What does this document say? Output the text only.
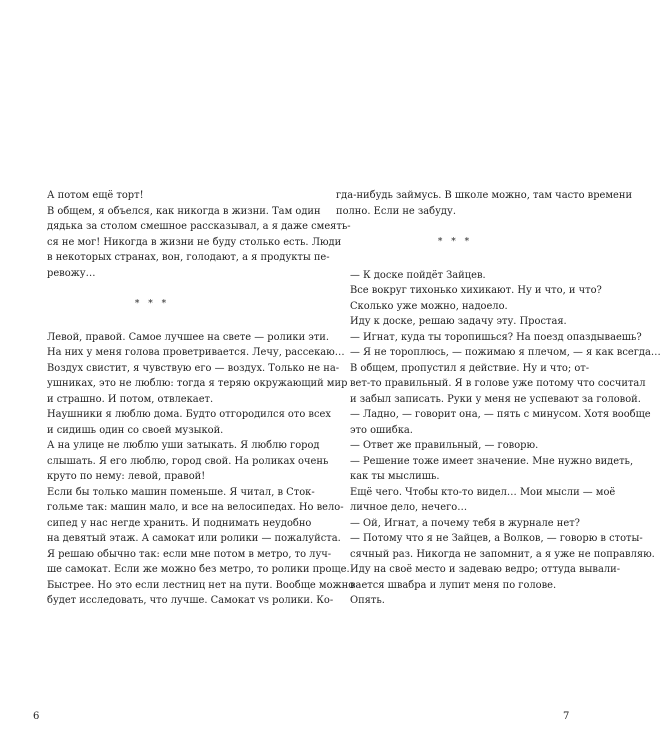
А потом ещё торт!
В общем, я объелся, как никогда в жизни. Там один
дядька за столом смешное рассказывал, а я даже смеять-
ся не мог! Никогда в жизни не буду столько есть. Люди
в некоторых странах, вон, голодают, а я продукты пе-
ревожу…
* * *
Левой, правой. Самое лучшее на свете — ролики эти.
На них у меня голова проветривается. Лечу, рассекаю…
Воздух свистит, я чувствую его — воздух. Только не на-
ушниках, это не люблю: тогда я теряю окружающий мир
и страшно. И потом, отвлекает.
Наушники я люблю дома. Будто отгородился ото всех
и сидишь один со своей музыкой.
А на улице не люблю уши затыкать. Я люблю город
слышать. Я его люблю, город свой. На роликах очень
круто по нему: левой, правой!
Если бы только машин поменьше. Я читал, в Сток-
гольме так: машин мало, и все на велосипедах. Но вело-
сипед у нас негде хранить. И поднимать неудобно
на девятый этаж. А самокат или ролики — пожалуйста.
Я решаю обычно так: если мне потом в метро, то луч-
ше самокат. Если же можно без метро, то ролики проще.
Быстрее. Но это если лестниц нет на пути. Вообще можно
будет исследовать, что лучше. Самокат vs ролики. Ко-
6
гда-нибудь займусь. В школе можно, там часто времени
полно. Если не забуду.
* * *
— К доске пойдёт Зайцев.
Все вокруг тихонько хихикают. Ну и что, и что?
Сколько уже можно, надоело.
Иду к доске, решаю задачу эту. Простая.
— Игнат, куда ты торопишься? На поезд опаздываешь?
— Я не тороплюсь, — пожимаю я плечом, — я как всегда…
В общем, пропустил я действие. Ну и что; от-
вет-то правильный. Я в голове уже потому что сосчитал
и забыл записать. Руки у меня не успевают за головой.
— Ладно, — говорит она, — пять с минусом. Хотя вообще
это ошибка.
— Ответ же правильный, — говорю.
— Решение тоже имеет значение. Мне нужно видеть,
как ты мыслишь.
Ещё чего. Чтобы кто-то видел… Мои мысли — моё
личное дело, нечего…
— Ой, Игнат, а почему тебя в журнале нет?
— Потому что я не Зайцев, а Волков, — говорю в стоты-
сячный раз. Никогда не запомнит, а я уже не поправляю.
Иду на своё место и задеваю ведро; оттуда вывали-
вается швабра и лупит меня по голове.
Опять.
7
